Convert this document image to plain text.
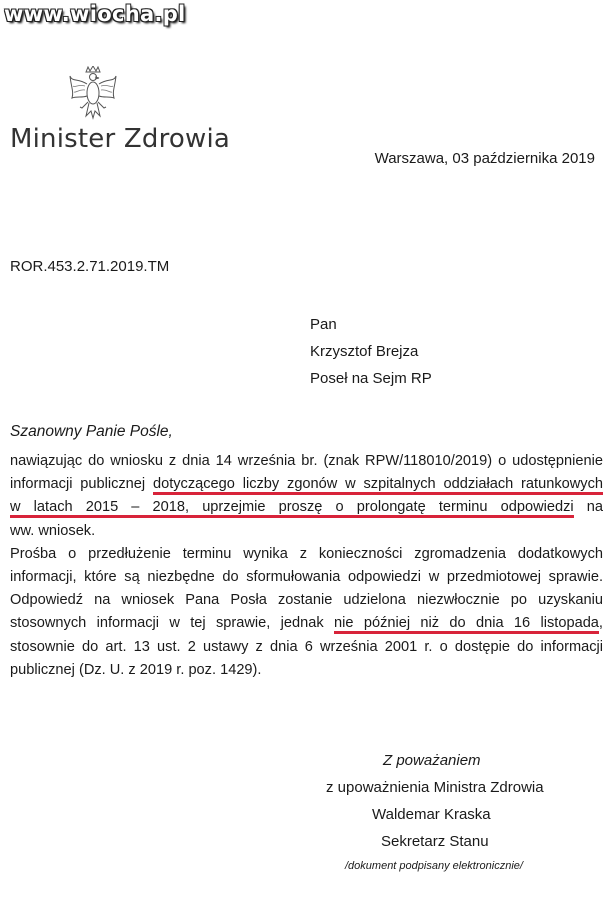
www.wiocha.pl
Minister Zdrowia
Warszawa, 03 października 2019
ROR.453.2.71.2019.TM
Pan
Krzysztof Brejza
Poseł na Sejm RP
Szanowny Panie Pośle,
nawiązując do wniosku z dnia 14 września br. (znak RPW/118010/2019) o udostępnienie
informacji publicznej dotyczącego liczby zgonów w szpitalnych oddziałach ratunkowych
w latach 2015 – 2018, uprzejmie proszę o prolongatę terminu odpowiedzi na
ww. wniosek.
Prośba o przedłużenie terminu wynika z konieczności zgromadzenia dodatkowych
informacji, które są niezbędne do sformułowania odpowiedzi w przedmiotowej sprawie.
Odpowiedź na wniosek Pana Posła zostanie udzielona niezwłocznie po uzyskaniu
stosownych informacji w tej sprawie, jednak nie później niż do dnia 16 listopada,
stosownie do art. 13 ust. 2 ustawy z dnia 6 września 2001 r. o dostępie do informacji
publicznej (Dz. U. z 2019 r. poz. 1429).
Z poważaniem
z upoważnienia Ministra Zdrowia
Waldemar Kraska
Sekretarz Stanu
/dokument podpisany elektronicznie/
